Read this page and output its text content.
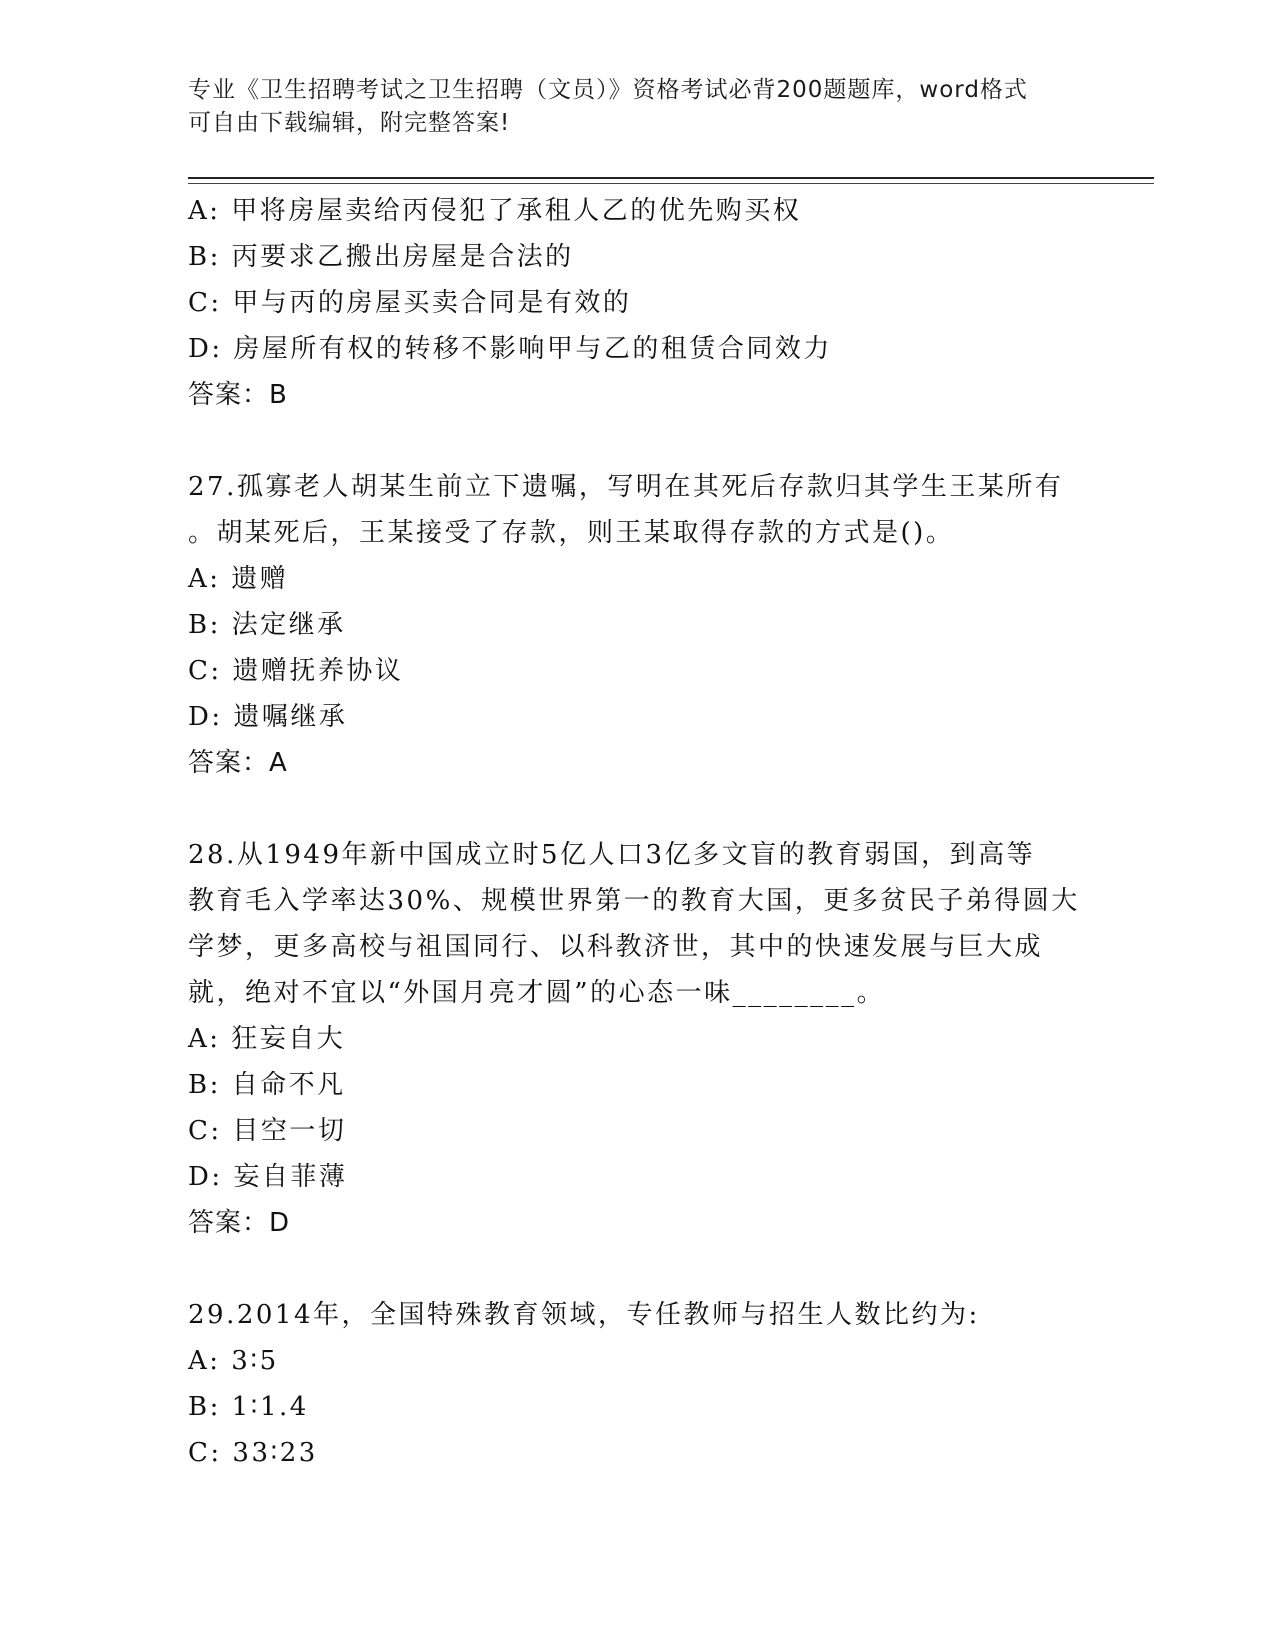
专业《卫生招聘考试之卫生招聘（文员）》资格考试必背200题题库，word格式
可自由下载编辑，附完整答案!
A: 甲将房屋卖给丙侵犯了承租人乙的优先购买权
B: 丙要求乙搬出房屋是合法的
C: 甲与丙的房屋买卖合同是有效的
D: 房屋所有权的转移不影响甲与乙的租赁合同效力
答案：B
27.孤寡老人胡某生前立下遗嘱，写明在其死后存款归其学生王某所有
。胡某死后，王某接受了存款，则王某取得存款的方式是()。
A: 遗赠
B: 法定继承
C: 遗赠抚养协议
D: 遗嘱继承
答案：A
28.从1949年新中国成立时5亿人口3亿多文盲的教育弱国，到高等
教育毛入学率达30%、规模世界第一的教育大国，更多贫民子弟得圆大
学梦，更多高校与祖国同行、以科教济世，其中的快速发展与巨大成
就，绝对不宜以“外国月亮才圆”的心态一味________。
A: 狂妄自大
B: 自命不凡
C: 目空一切
D: 妄自菲薄
答案：D
29.2014年，全国特殊教育领域，专任教师与招生人数比约为:
A: 3∶5
B: 1∶1.4
C: 33∶23
